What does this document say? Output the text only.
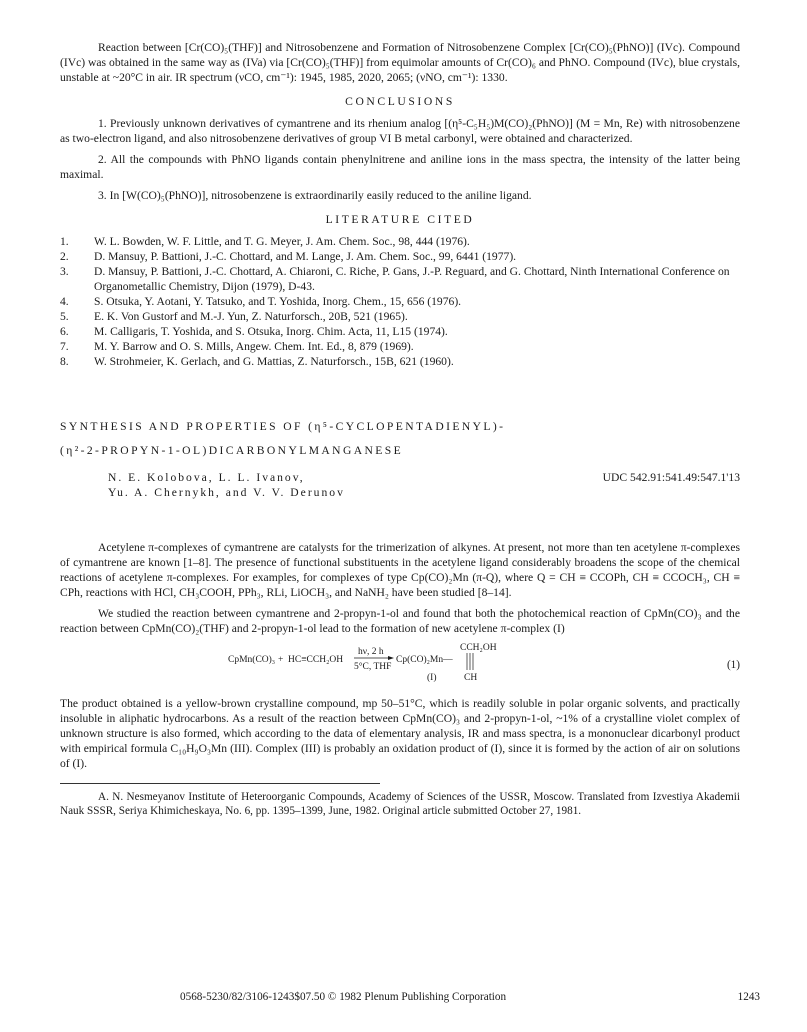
Reaction between [Cr(CO)₅(THF)] and Nitrosobenzene and Formation of Nitrosobenzene Complex [Cr(CO)₅(PhNO)] (IVc). Compound (IVc) was obtained in the same way as (IVa) via [Cr(CO)₅(THF)] from equimolar amounts of Cr(CO)₆ and PhNO. Compound (IVc), blue crystals, unstable at ~20°C in air. IR spectrum (νCO, cm⁻¹): 1945, 1985, 2020, 2065; (νNO, cm⁻¹): 1330.

CONCLUSIONS

1. Previously unknown derivatives of cymantrene and its rhenium analog [(η⁵-C₅H₅)M(CO)₂(PhNO)] (M = Mn, Re) with nitrosobenzene as two-electron ligand, and also nitrosobenzene derivatives of group VI B metal carbonyl, were obtained and characterized.

2. All the compounds with PhNO ligands contain phenylnitrene and aniline ions in the mass spectra, the intensity of the latter being maximal.

3. In [W(CO)₅(PhNO)], nitrosobenzene is extraordinarily easily reduced to the aniline ligand.

LITERATURE CITED
1.	W. L. Bowden, W. F. Little, and T. G. Meyer, J. Am. Chem. Soc., 98, 444 (1976).
2.	D. Mansuy, P. Battioni, J.-C. Chottard, and M. Lange, J. Am. Chem. Soc., 99, 6441 (1977).
3.	D. Mansuy, P. Battioni, J.-C. Chottard, A. Chiaroni, C. Riche, P. Gans, J.-P. Reguard, and G. Chottard, Ninth International Conference on Organometallic Chemistry, Dijon (1979), D-43.
4.	S. Otsuka, Y. Aotani, Y. Tatsuko, and T. Yoshida, Inorg. Chem., 15, 656 (1976).
5.	E. K. Von Gustorf and M.-J. Yun, Z. Naturforsch., 20B, 521 (1965).
6.	M. Calligaris, T. Yoshida, and S. Otsuka, Inorg. Chim. Acta, 11, L15 (1974).
7.	M. Y. Barrow and O. S. Mills, Angew. Chem. Int. Ed., 8, 879 (1969).
8.	W. Strohmeier, K. Gerlach, and G. Mattias, Z. Naturforsch., 15B, 621 (1960).
SYNTHESIS AND PROPERTIES OF (η⁵-CYCLOPENTADIENYL)-
(η²-2-PROPYN-1-OL)DICARBONYLMANGANESE
N. E. Kolobova, L. L. Ivanov,
Yu. A. Chernykh, and V. V. Derunov
UDC 542.91:541.49:547.1'13

Acetylene π-complexes of cymantrene are catalysts for the trimerization of alkynes. At present, not more than ten acetylene π-complexes of cymantrene are known [1–8]. The presence of functional substituents in the acetylene ligand considerably broadens the scope of the chemical reactions of acetylene π-complexes. For examples, for complexes of type Cp(CO)₂Mn (π-Q), where Q = CH ≡ CCOPh, CH ≡ CCOCH₃, CH ≡ CPh, reactions with HCl, CH₃COOH, PPh₃, RLi, LiOCH₃, and NaNH₂ have been studied [8–14].

We studied the reaction between cymantrene and 2-propyn-1-ol and found that both the photochemical reaction of CpMn(CO)₃ and the reaction between CpMn(CO)₂(THF) and 2-propyn-1-ol lead to the formation of new acetylene π-complex (I)

CpMn(CO)₃ + HC≡CCH₂OH
hν, 2 h
5°C, THF
Cp(CO)₂Mn—
CCH₂OH
CH
(I)
(1)

The product obtained is a yellow-brown crystalline compound, mp 50–51°C, which is readily soluble in polar organic solvents, and practically insoluble in aliphatic hydrocarbons. As a result of the reaction between CpMn(CO)₃ and 2-propyn-1-ol, ~1% of a crystalline violet complex of unknown structure is also formed, which according to the data of elementary analysis, IR and mass spectra, is a mononuclear dicarbonyl product with empirical formula C₁₀H₉O₃Mn (III). Complex (III) is probably an oxidation product of (I), since it is formed by the action of air on solutions of (I).

A. N. Nesmeyanov Institute of Heteroorganic Compounds, Academy of Sciences of the USSR, Moscow. Translated from Izvestiya Akademii Nauk SSSR, Seriya Khimicheskaya, No. 6, pp. 1395–1399, June, 1982. Original article submitted October 27, 1981.

0568-5230/82/3106-1243$07.50 © 1982 Plenum Publishing Corporation	1243
